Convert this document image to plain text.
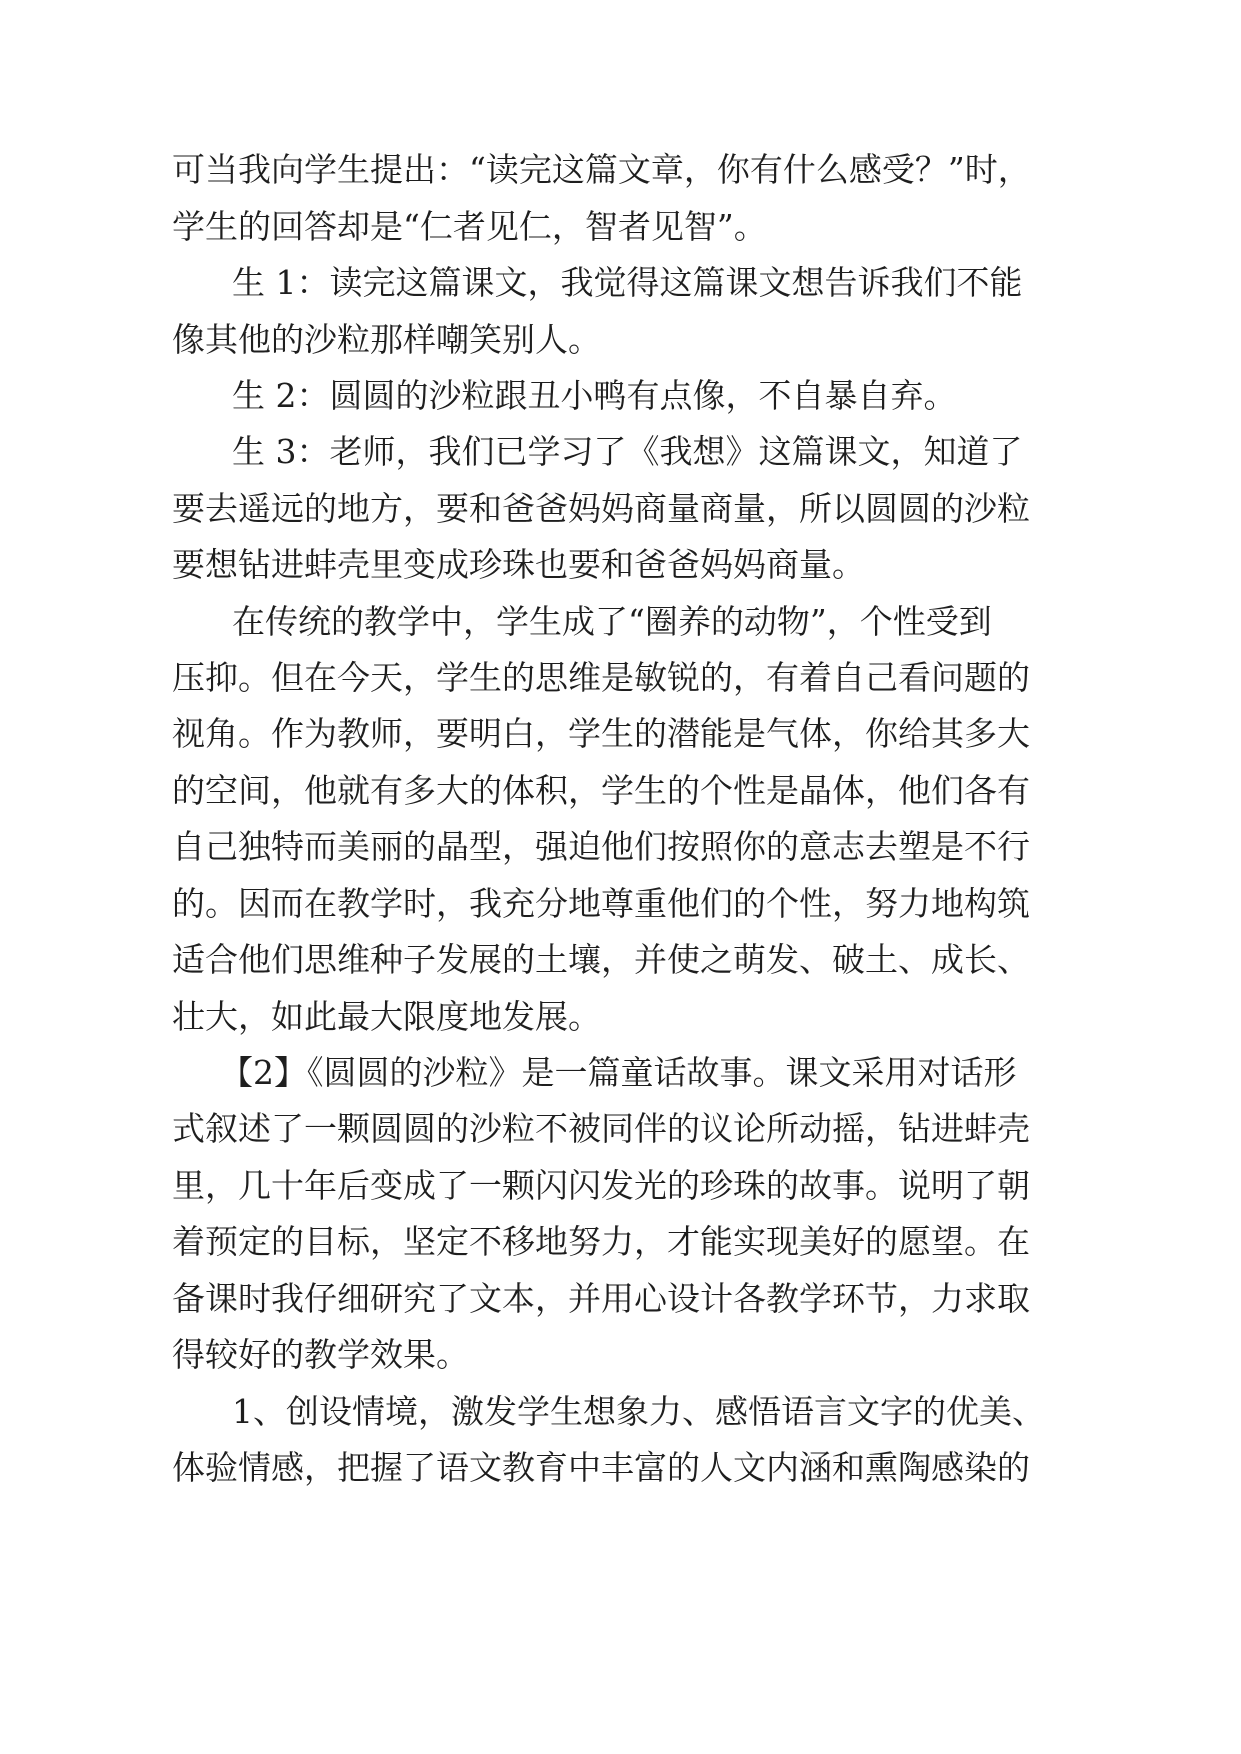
可当我向学生提出：“读完这篇文章，你有什么感受？”时，

学生的回答却是“仁者见仁，智者见智”。

生 1：读完这篇课文，我觉得这篇课文想告诉我们不能

像其他的沙粒那样嘲笑别人。

生 2：圆圆的沙粒跟丑小鸭有点像，不自暴自弃。

生 3：老师，我们已学习了《我想》这篇课文，知道了

要去遥远的地方，要和爸爸妈妈商量商量，所以圆圆的沙粒

要想钻进蚌壳里变成珍珠也要和爸爸妈妈商量。

在传统的教学中，学生成了“圈养的动物”，个性受到

压抑。但在今天，学生的思维是敏锐的，有着自己看问题的

视角。作为教师，要明白，学生的潜能是气体，你给其多大

的空间，他就有多大的体积，学生的个性是晶体，他们各有

自己独特而美丽的晶型，强迫他们按照你的意志去塑是不行

的。因而在教学时，我充分地尊重他们的个性，努力地构筑

适合他们思维种子发展的土壤，并使之萌发、破土、成长、

壮大，如此最大限度地发展。

【2】《圆圆的沙粒》是一篇童话故事。课文采用对话形

式叙述了一颗圆圆的沙粒不被同伴的议论所动摇，钻进蚌壳

里，几十年后变成了一颗闪闪发光的珍珠的故事。说明了朝

着预定的目标，坚定不移地努力，才能实现美好的愿望。在

备课时我仔细研究了文本，并用心设计各教学环节，力求取

得较好的教学效果。

1、创设情境，激发学生想象力、感悟语言文字的优美、

体验情感，把握了语文教育中丰富的人文内涵和熏陶感染的
